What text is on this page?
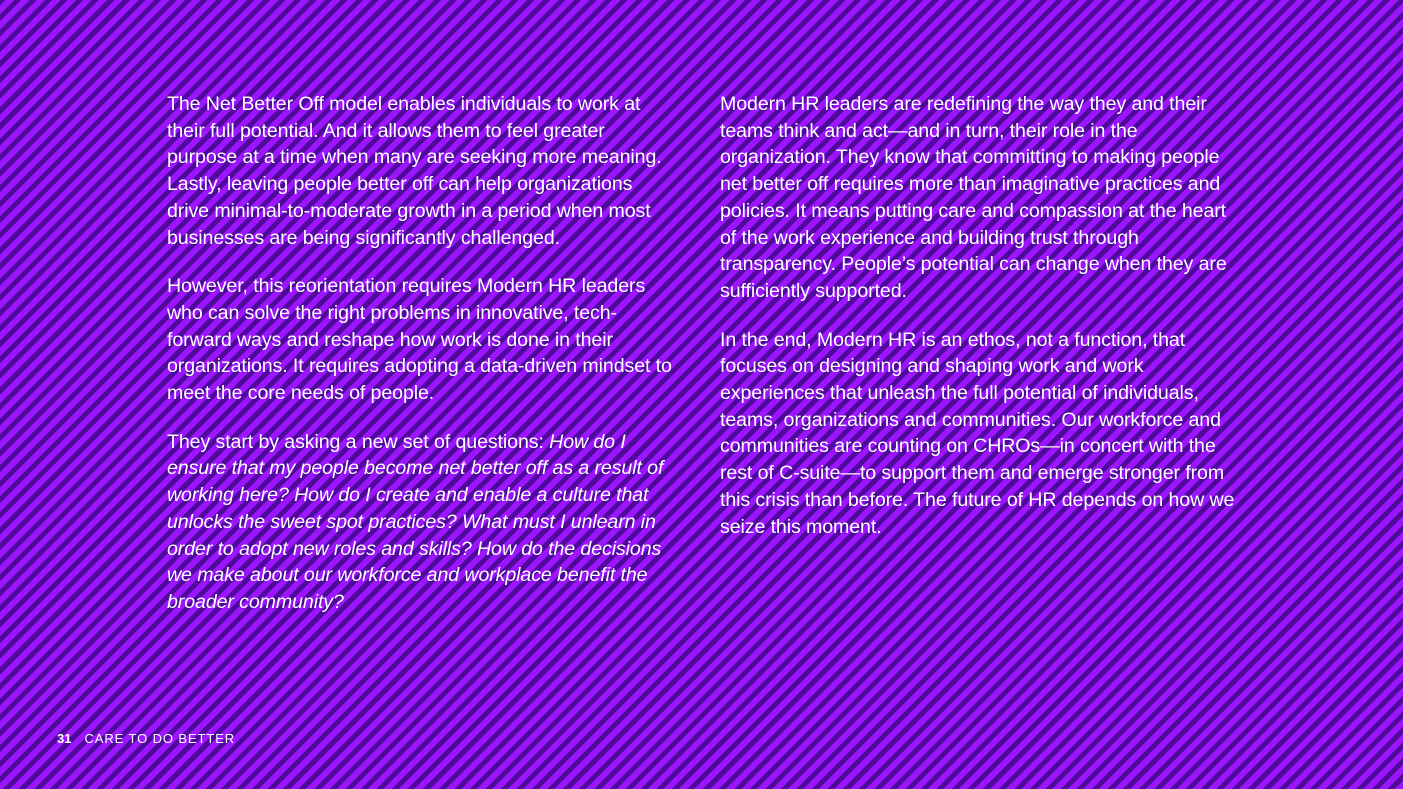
The Net Better Off model enables individuals to work at their full potential. And it allows them to feel greater purpose at a time when many are seeking more meaning. Lastly, leaving people better off can help organizations drive minimal-to-moderate growth in a period when most businesses are being significantly challenged.

However, this reorientation requires Modern HR leaders who can solve the right problems in innovative, tech-forward ways and reshape how work is done in their organizations. It requires adopting a data-driven mindset to meet the core needs of people.

They start by asking a new set of questions: How do I ensure that my people become net better off as a result of working here? How do I create and enable a culture that unlocks the sweet spot practices? What must I unlearn in order to adopt new roles and skills? How do the decisions we make about our workforce and workplace benefit the broader community?

Modern HR leaders are redefining the way they and their teams think and act—and in turn, their role in the organization. They know that committing to making people net better off requires more than imaginative practices and policies. It means putting care and compassion at the heart of the work experience and building trust through transparency. People’s potential can change when they are sufficiently supported.

In the end, Modern HR is an ethos, not a function, that focuses on designing and shaping work and work experiences that unleash the full potential of individuals, teams, organizations and communities. Our workforce and communities are counting on CHROs—in concert with the rest of C-suite—to support them and emerge stronger from this crisis than before. The future of HR depends on how we seize this moment.

31 CARE TO DO BETTER
